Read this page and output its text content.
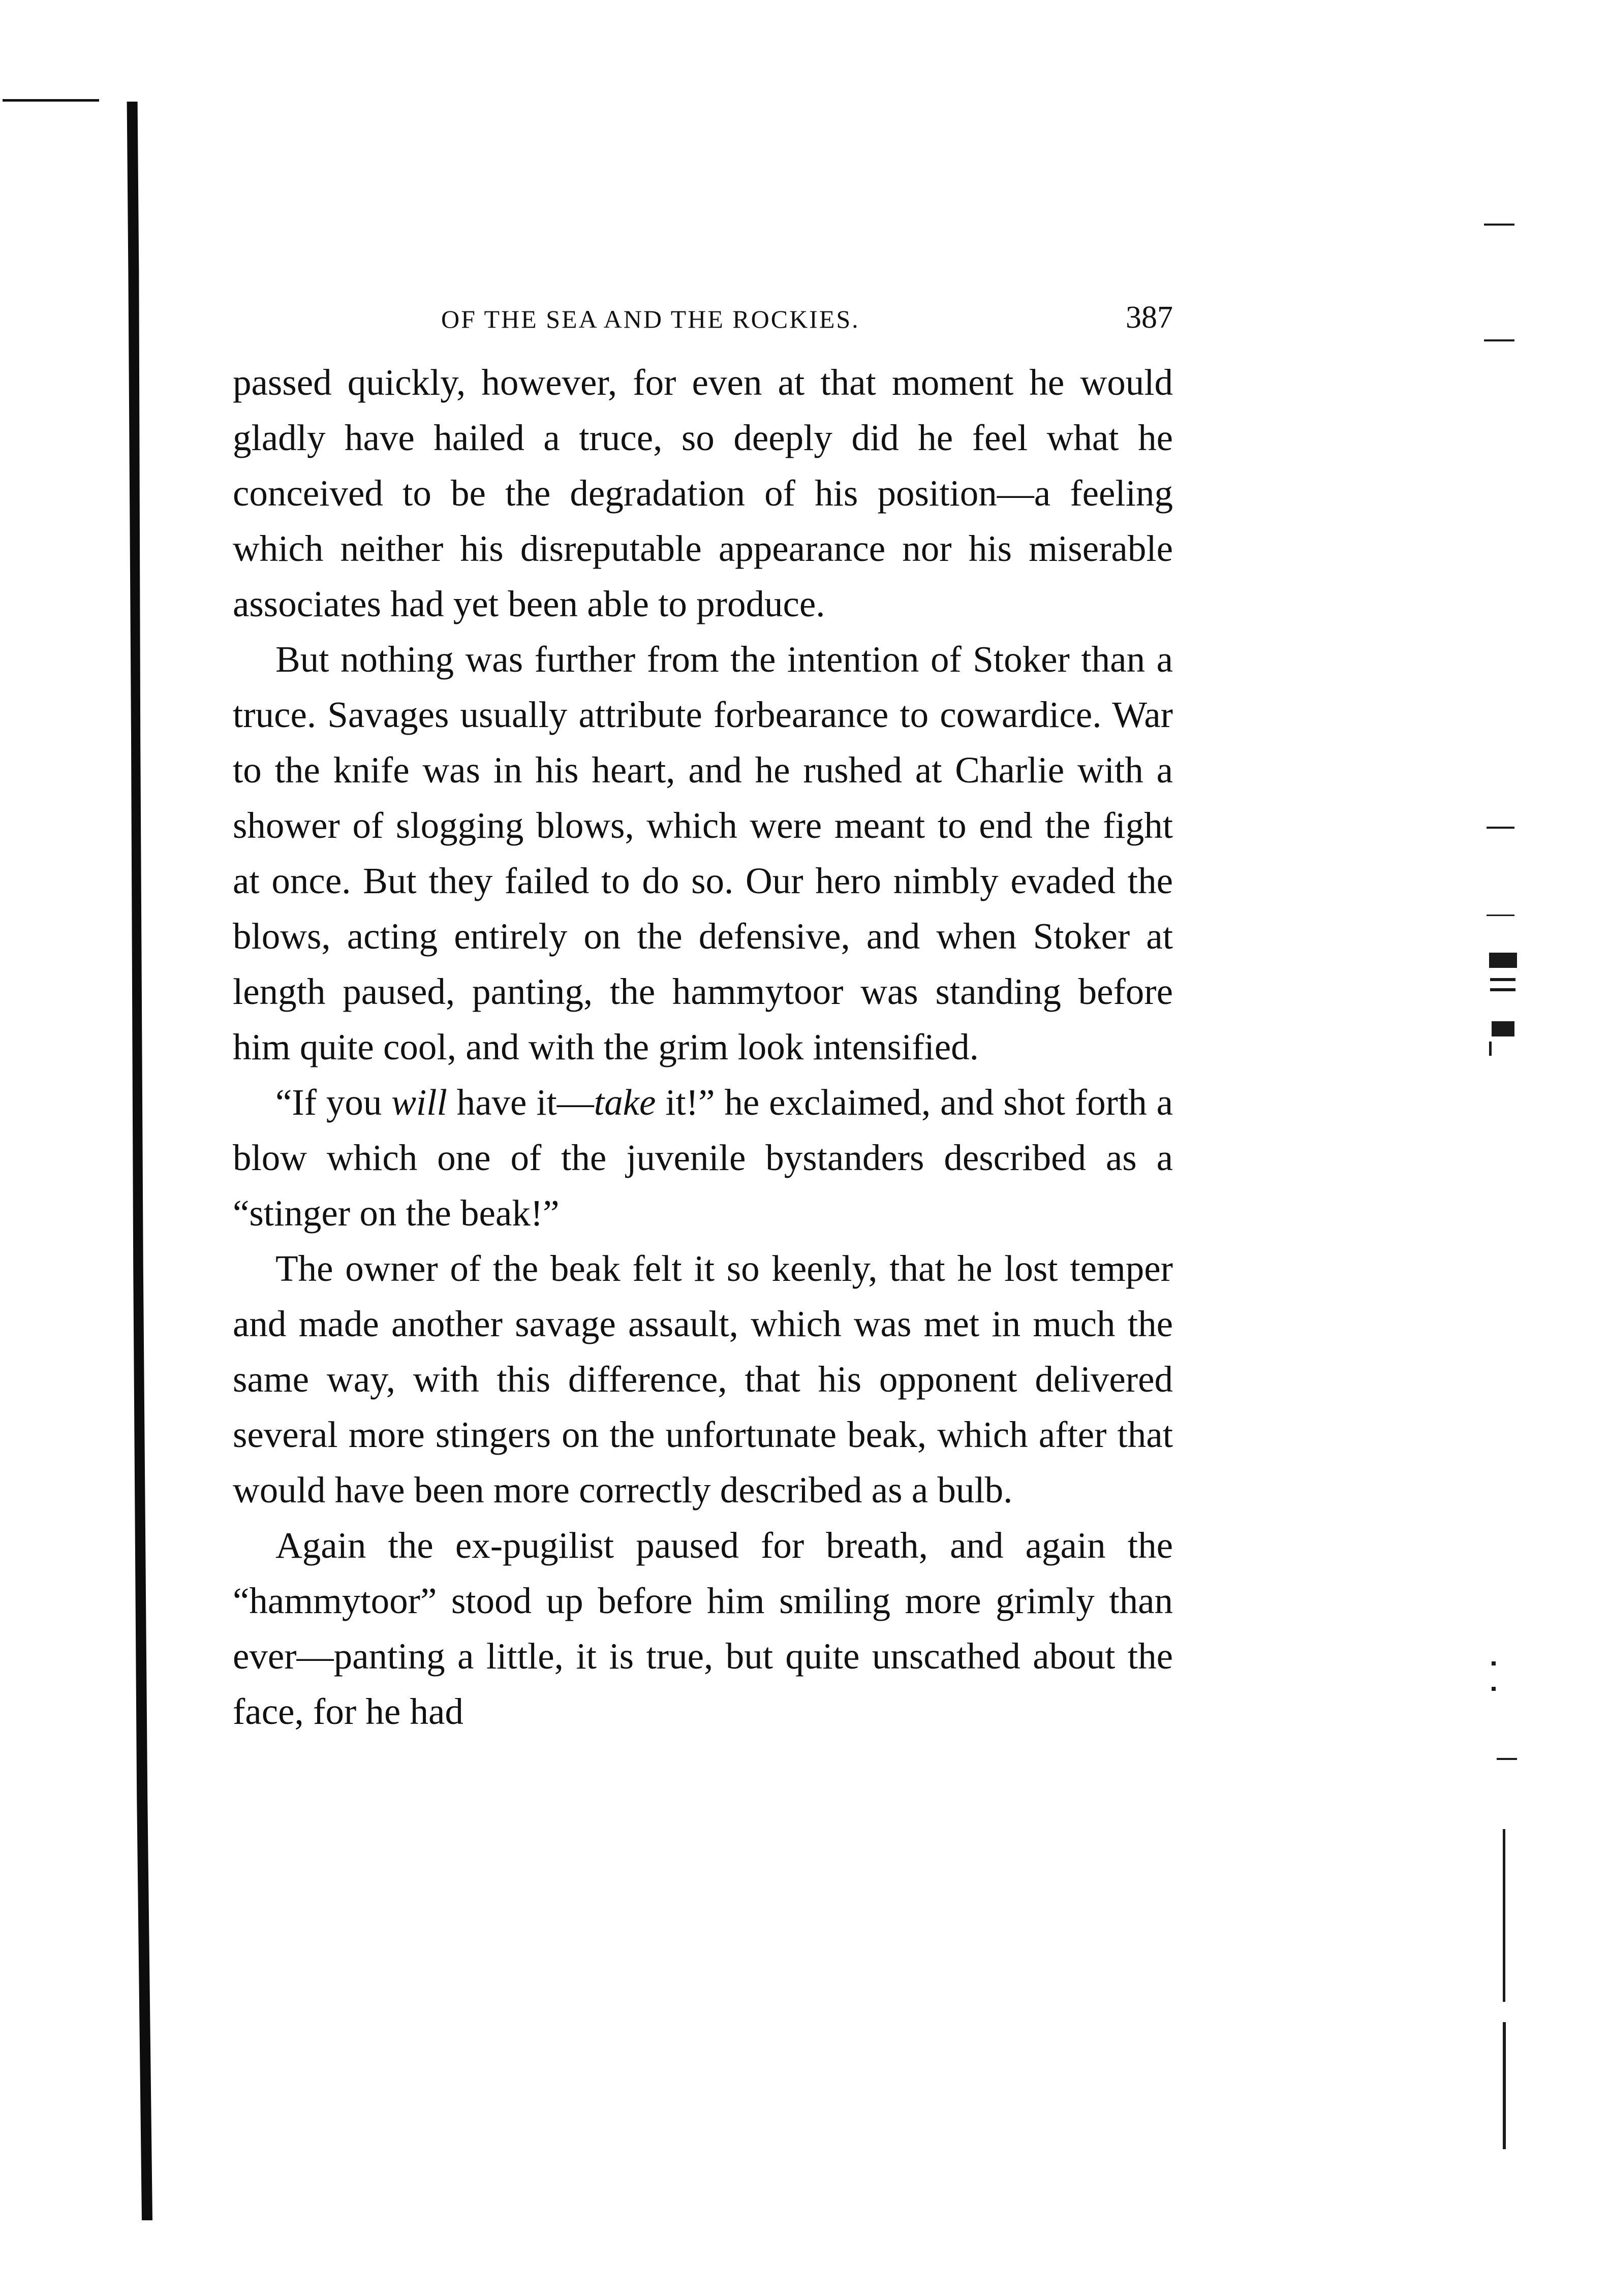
OF THE SEA AND THE ROCKIES.	387

passed quickly, however, for even at that moment he would gladly have hailed a truce, so deeply did he feel what he conceived to be the degradation of his position—a feeling which neither his disreputable appearance nor his miserable associates had yet been able to produce.

But nothing was further from the intention of Stoker than a truce. Savages usually attribute forbearance to cowardice. War to the knife was in his heart, and he rushed at Charlie with a shower of slogging blows, which were meant to end the fight at once. But they failed to do so. Our hero nimbly evaded the blows, acting entirely on the defensive, and when Stoker at length paused, panting, the hammytoor was standing before him quite cool, and with the grim look intensified.

“If you will have it—take it!” he exclaimed, and shot forth a blow which one of the juvenile bystanders described as a “stinger on the beak!”

The owner of the beak felt it so keenly, that he lost temper and made another savage assault, which was met in much the same way, with this difference, that his opponent delivered several more stingers on the unfortunate beak, which after that would have been more correctly described as a bulb.

Again the ex-pugilist paused for breath, and again the “hammytoor” stood up before him smiling more grimly than ever—panting a little, it is true, but quite unscathed about the face, for he had
